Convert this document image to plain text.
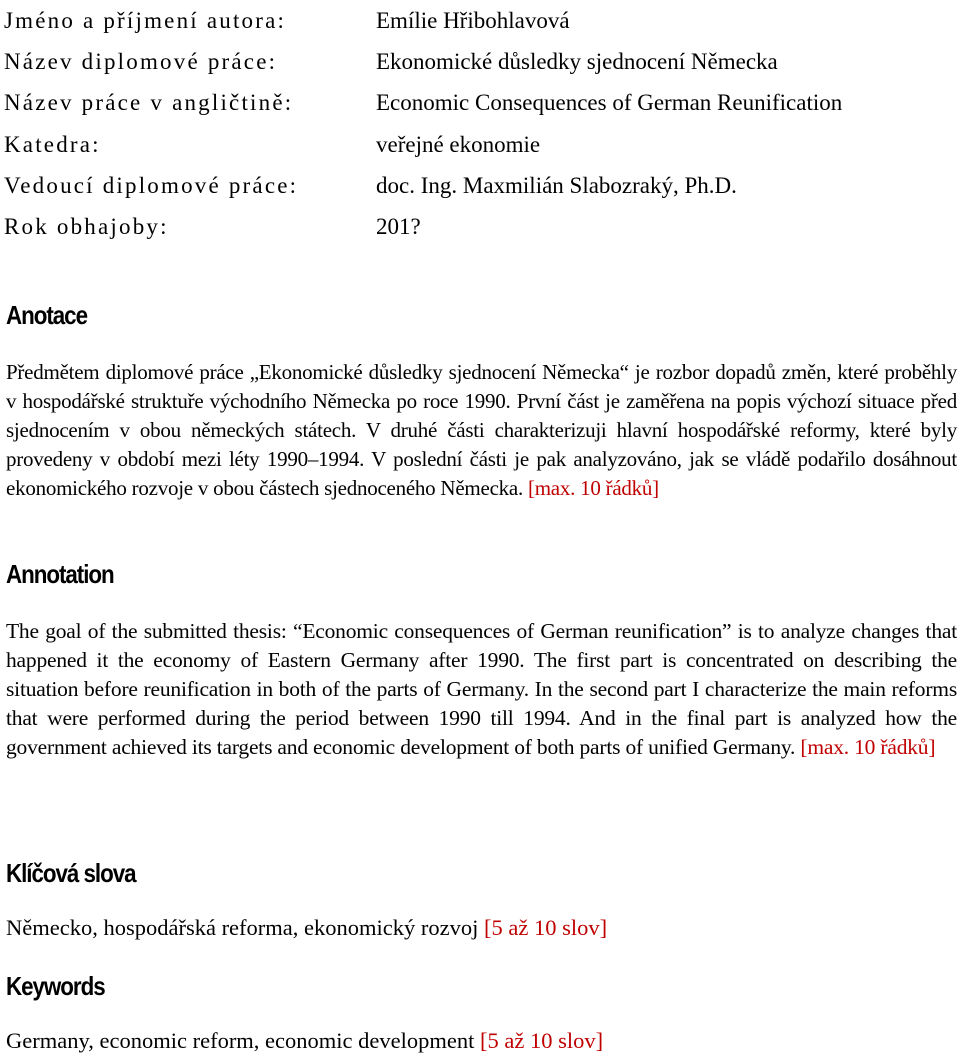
Jméno a příjmení autora:	Emílie Hřibohlavová
Název diplomové práce:	Ekonomické důsledky sjednocení Německa
Název práce v angličtině:	Economic Consequences of German Reunification
Katedra:	veřejné ekonomie
Vedoucí diplomové práce:	doc. Ing. Maxmilián Slabozraký, Ph.D.
Rok obhajoby:	201?
Anotace

Předmětem diplomové práce „Ekonomické důsledky sjednocení Německa“ je rozbor dopadů změn, které proběhly v hospodářské struktuře východního Německa po roce 1990. První část je zaměřena na popis výchozí situace před sjednocením v obou německých státech. V druhé části charakterizuji hlavní hospodářské reformy, které byly provedeny v období mezi léty 1990–1994. V poslední části je pak analyzováno, jak se vládě podařilo dosáhnout ekonomického rozvoje v obou částech sjednoceného Německa. [max. 10 řádků]

Annotation

The goal of the submitted thesis: “Economic consequences of German reunification” is to analyze changes that happened it the economy of Eastern Germany after 1990. The first part is concentrated on describing the situation before reunification in both of the parts of Germany. In the second part I characterize the main reforms that were performed during the period between 1990 till 1994. And in the final part is analyzed how the government achieved its targets and economic development of both parts of unified Germany. [max. 10 řádků]

Klíčová slova

Německo, hospodářská reforma, ekonomický rozvoj [5 až 10 slov]

Keywords

Germany, economic reform, economic development [5 až 10 slov]
